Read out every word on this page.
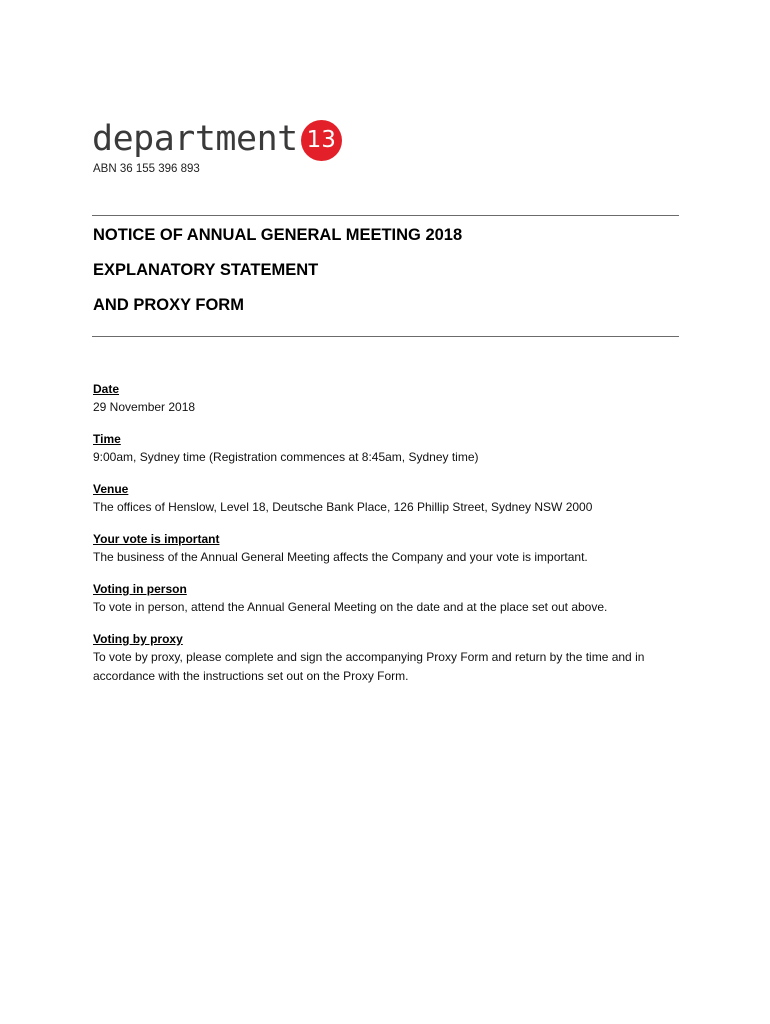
department 13
ABN 36 155 396 893
NOTICE OF ANNUAL GENERAL MEETING 2018
EXPLANATORY STATEMENT
AND PROXY FORM
Date
29 November 2018
Time
9:00am, Sydney time (Registration commences at 8:45am, Sydney time)
Venue
The offices of Henslow, Level 18, Deutsche Bank Place, 126 Phillip Street, Sydney NSW 2000
Your vote is important
The business of the Annual General Meeting affects the Company and your vote is important.
Voting in person
To vote in person, attend the Annual General Meeting on the date and at the place set out above.
Voting by proxy
To vote by proxy, please complete and sign the accompanying Proxy Form and return by the time and in accordance with the instructions set out on the Proxy Form.
